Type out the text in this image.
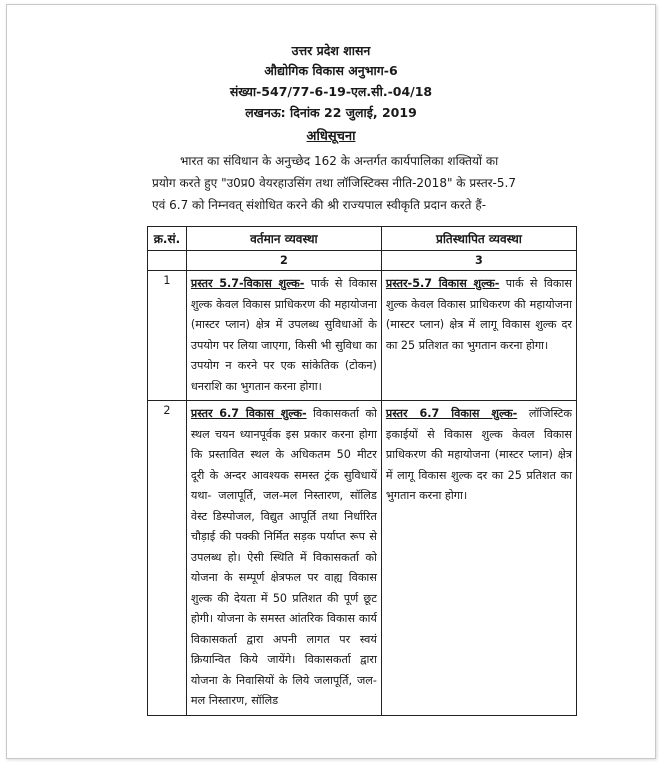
उत्तर प्रदेश शासन
औद्योगिक विकास अनुभाग-6
संख्या-547/77-6-19-एल.सी.-04/18
लखनऊ: दिनांक 22 जुलाई, 2019
अधिसूचना
भारत का संविधान के अनुच्छेद 162 के अन्तर्गत कार्यपालिका शक्तियों का
प्रयोग करते हुए "उ0प्र0 वेयरहाउसिंग तथा लॉजिस्टिक्स नीति-2018" के प्रस्तर-5.7
एवं 6.7 को निम्नवत् संशोधित करने की श्री राज्यपाल स्वीकृति प्रदान करते हैं-
क्र.सं.	वर्तमान व्यवस्था	प्रतिस्थापित व्यवस्था
	2	3
1	प्रस्तर 5.7-विकास शुल्क- पार्क से विकास शुल्क केवल विकास प्राधिकरण की महायोजना (मास्टर प्लान) क्षेत्र में उपलब्ध सुविधाओं के उपयोग पर लिया जाएगा, किसी भी सुविधा का उपयोग न करने पर एक सांकेतिक (टोकन) धनराशि का भुगतान करना होगा।	प्रस्तर-5.7 विकास शुल्क- पार्क से विकास शुल्क केवल विकास प्राधिकरण की महायोजना (मास्टर प्लान) क्षेत्र में लागू विकास शुल्क दर का 25 प्रतिशत का भुगतान करना होगा।
2	प्रस्तर 6.7 विकास शुल्क- विकासकर्ता को स्थल चयन ध्यानपूर्वक इस प्रकार करना होगा कि प्रस्तावित स्थल के अधिकतम 50 मीटर दूरी के अन्दर आवश्यक समस्त ट्रंक सुविधायें यथा- जलापूर्ति, जल-मल निस्तारण, सॉलिड वेस्ट डिस्पोजल, विद्युत आपूर्ति तथा निर्धारित चौड़ाई की पक्की निर्मित सड़क पर्याप्त रूप से उपलब्ध हो। ऐसी स्थिति में विकासकर्ता को योजना के सम्पूर्ण क्षेत्रफल पर वाह्य विकास शुल्क की देयता में 50 प्रतिशत की पूर्ण छूट होगी। योजना के समस्त आंतरिक विकास कार्य विकासकर्ता द्वारा अपनी लागत पर स्वयं क्रियान्वित किये जायेंगे। विकासकर्ता द्वारा योजना के निवासियों के लिये जलापूर्ति, जल-मल निस्तारण, सॉलिड	प्रस्तर 6.7 विकास शुल्क- लॉजिस्टिक इकाईयों से विकास शुल्क केवल विकास प्राधिकरण की महायोजना (मास्टर प्लान) क्षेत्र में लागू विकास शुल्क दर का 25 प्रतिशत का भुगतान करना होगा।
